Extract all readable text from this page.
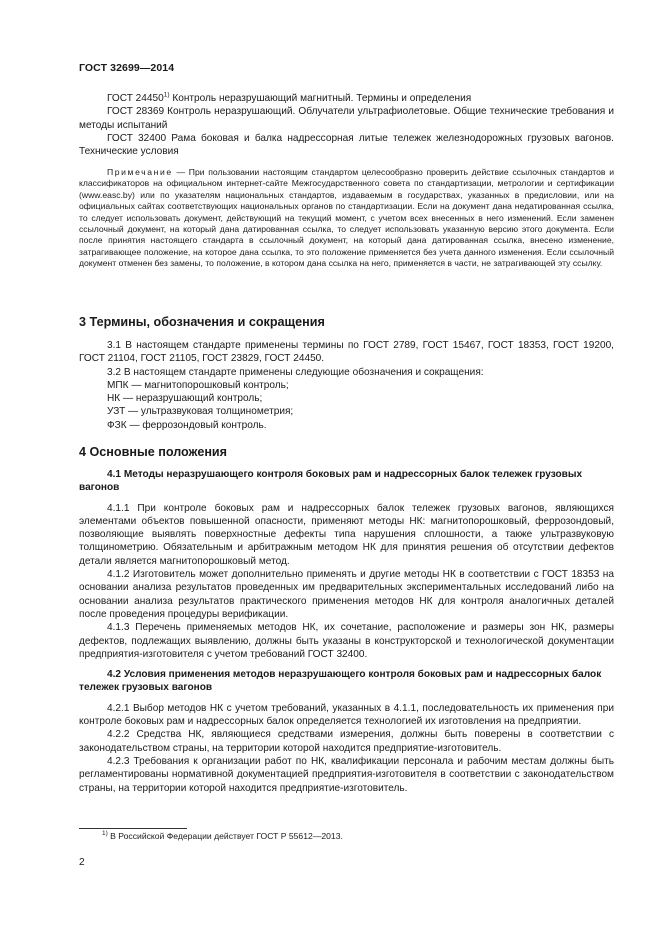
ГОСТ 32699—2014

ГОСТ 24450$^{1)}$ Контроль неразрушающий магнитный. Термины и определения

ГОСТ 28369 Контроль неразрушающий. Облучатели ультрафиолетовые. Общие технические требования и методы испытаний

ГОСТ 32400 Рама боковая и балка надрессорная литые тележек железнодорожных грузовых вагонов. Технические условия

Примечание — При пользовании настоящим стандартом целесообразно проверить действие ссылочных стандартов и классификаторов на официальном интернет-сайте Межгосударственного совета по стандартизации, метрологии и сертификации (www.easc.by) или по указателям национальных стандартов, издаваемым в государствах, указанных в предисловии, или на официальных сайтах соответствующих национальных органов по стандартизации. Если на документ дана недатированная ссылка, то следует использовать документ, действующий на текущий момент, с учетом всех внесенных в него изменений. Если заменен ссылочный документ, на который дана датированная ссылка, то следует использовать указанную версию этого документа. Если после принятия настоящего стандарта в ссылочный документ, на который дана датированная ссылка, внесено изменение, затрагивающее положение, на которое дана ссылка, то это положение применяется без учета данного изменения. Если ссылочный документ отменен без замены, то положение, в котором дана ссылка на него, применяется в части, не затрагивающей эту ссылку.

3 Термины, обозначения и сокращения

3.1 В настоящем стандарте применены термины по ГОСТ 2789, ГОСТ 15467, ГОСТ 18353, ГОСТ 19200, ГОСТ 21104, ГОСТ 21105, ГОСТ 23829, ГОСТ 24450.

3.2 В настоящем стандарте применены следующие обозначения и сокращения:

МПК — магнитопорошковый контроль;

НК — неразрушающий контроль;

УЗТ — ультразвуковая толщинометрия;

ФЗК — феррозондовый контроль.

4 Основные положения
4.1 Методы неразрушающего контроля боковых рам и надрессорных балок тележек грузовых вагонов

4.1.1 При контроле боковых рам и надрессорных балок тележек грузовых вагонов, являющихся элементами объектов повышенной опасности, применяют методы НК: магнитопорошковый, феррозондовый, позволяющие выявлять поверхностные дефекты типа нарушения сплошности, а также ультразвуковую толщинометрию. Обязательным и арбитражным методом НК для принятия решения об отсутствии дефектов детали является магнитопорошковый метод.

4.1.2 Изготовитель может дополнительно применять и другие методы НК в соответствии с ГОСТ 18353 на основании анализа результатов проведенных им предварительных экспериментальных исследований либо на основании анализа результатов практического применения методов НК для контроля аналогичных деталей после проведения процедуры верификации.

4.1.3 Перечень применяемых методов НК, их сочетание, расположение и размеры зон НК, размеры дефектов, подлежащих выявлению, должны быть указаны в конструкторской и технологической документации предприятия-изготовителя с учетом требований ГОСТ 32400.

4.2 Условия применения методов неразрушающего контроля боковых рам и надрессорных балок тележек грузовых вагонов

4.2.1 Выбор методов НК с учетом требований, указанных в 4.1.1, последовательность их применения при контроле боковых рам и надрессорных балок определяется технологией их изготовления на предприятии.

4.2.2 Средства НК, являющиеся средствами измерения, должны быть поверены в соответствии с законодательством страны, на территории которой находится предприятие-изготовитель.

4.2.3 Требования к организации работ по НК, квалификации персонала и рабочим местам должны быть регламентированы нормативной документацией предприятия-изготовителя в соответствии с законодательством страны, на территории которой находится предприятие-изготовитель.

$^{1)}$ В Российской Федерации действует ГОСТ Р 55612—2013.
2
